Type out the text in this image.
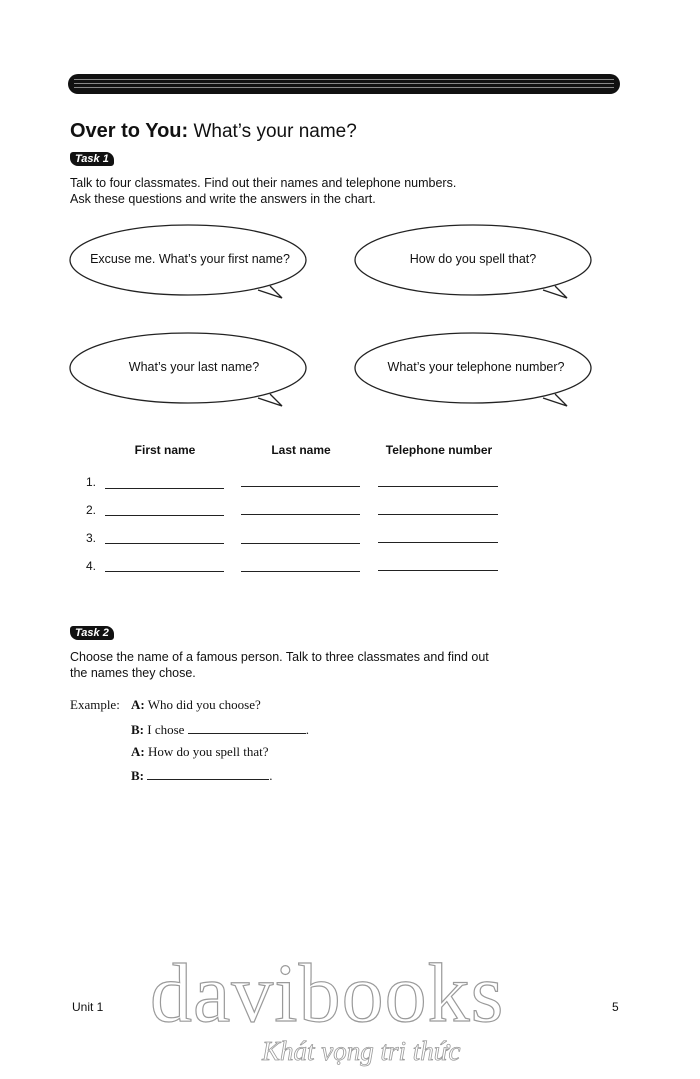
Over to You: What’s your name?
Task 1
Talk to four classmates. Find out their names and telephone numbers.
Ask these questions and write the answers in the chart.
Excuse me. What’s your first name?	How do you spell that?
What’s your last name?	What’s your telephone number?
First name	Last name	Telephone number
1.
2.
3.
4.
Task 2
Choose the name of a famous person. Talk to three classmates and find out
the names they chose.
Example: A: Who did you choose?
B: I chose	.
A: How do you spell that?
B:	.
Unit 1	5
davibooks
Khát vọng tri thức
